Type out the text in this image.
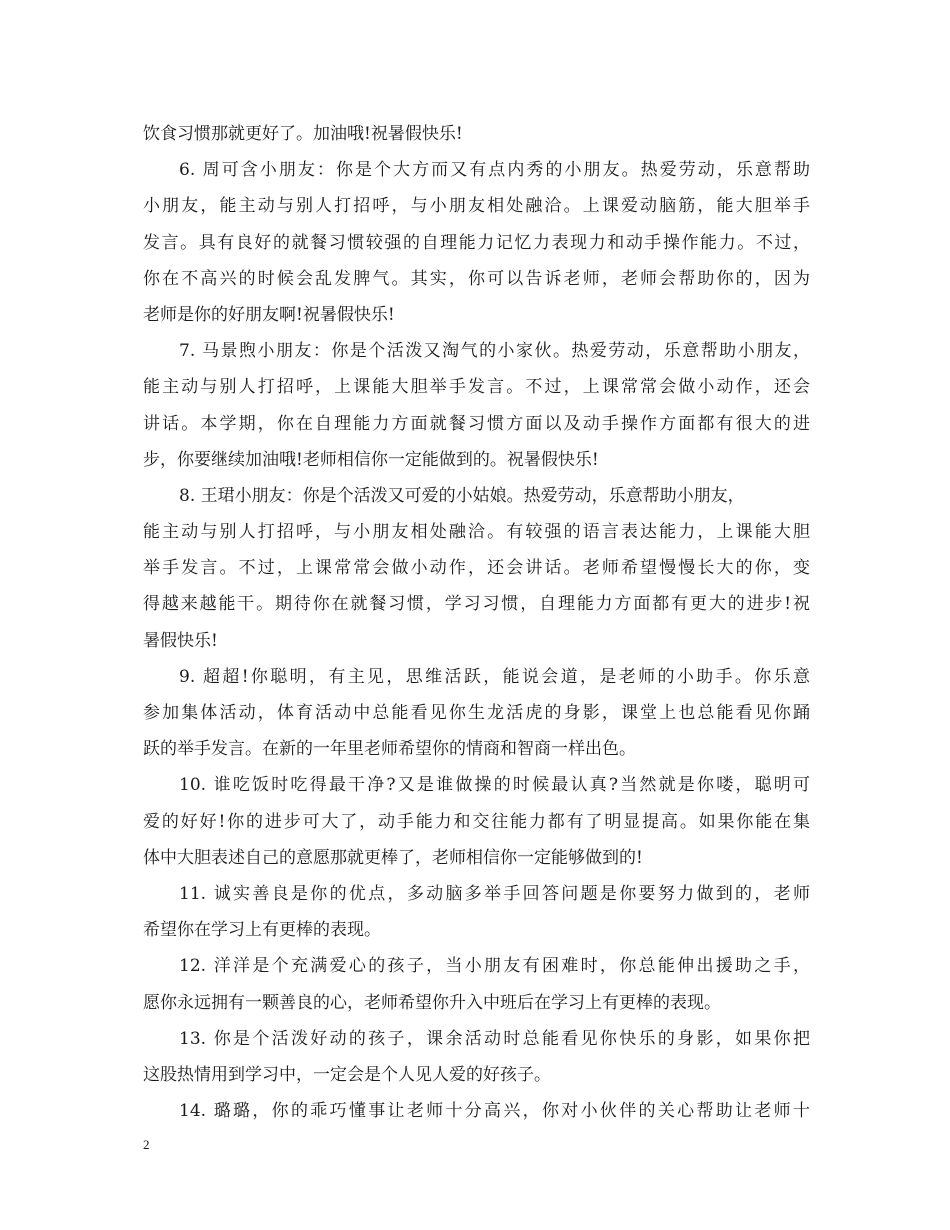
饮食习惯那就更好了。加油哦!祝暑假快乐!
6. 周可含小朋友：你是个大方而又有点内秀的小朋友。热爱劳动，乐意帮助
小朋友，能主动与别人打招呼，与小朋友相处融洽。上课爱动脑筋，能大胆举手
发言。具有良好的就餐习惯较强的自理能力记忆力表现力和动手操作能力。不过，
你在不高兴的时候会乱发脾气。其实，你可以告诉老师，老师会帮助你的，因为
老师是你的好朋友啊!祝暑假快乐!
7. 马景煦小朋友：你是个活泼又淘气的小家伙。热爱劳动，乐意帮助小朋友，
能主动与别人打招呼，上课能大胆举手发言。不过，上课常常会做小动作，还会
讲话。本学期，你在自理能力方面就餐习惯方面以及动手操作方面都有很大的进
步，你要继续加油哦!老师相信你一定能做到的。祝暑假快乐!
8. 王珺小朋友：你是个活泼又可爱的小姑娘。热爱劳动，乐意帮助小朋友，
能主动与别人打招呼，与小朋友相处融洽。有较强的语言表达能力，上课能大胆
举手发言。不过，上课常常会做小动作，还会讲话。老师希望慢慢长大的你，变
得越来越能干。期待你在就餐习惯，学习习惯，自理能力方面都有更大的进步!祝
暑假快乐!
9. 超超!你聪明，有主见，思维活跃，能说会道，是老师的小助手。你乐意
参加集体活动，体育活动中总能看见你生龙活虎的身影，课堂上也总能看见你踊
跃的举手发言。在新的一年里老师希望你的情商和智商一样出色。
10. 谁吃饭时吃得最干净?又是谁做操的时候最认真?当然就是你喽，聪明可
爱的好好!你的进步可大了，动手能力和交往能力都有了明显提高。如果你能在集
体中大胆表述自己的意愿那就更棒了，老师相信你一定能够做到的!
11. 诚实善良是你的优点，多动脑多举手回答问题是你要努力做到的，老师
希望你在学习上有更棒的表现。
12. 洋洋是个充满爱心的孩子，当小朋友有困难时，你总能伸出援助之手，
愿你永远拥有一颗善良的心，老师希望你升入中班后在学习上有更棒的表现。
13. 你是个活泼好动的孩子，课余活动时总能看见你快乐的身影，如果你把
这股热情用到学习中，一定会是个人见人爱的好孩子。
14. 璐璐，你的乖巧懂事让老师十分高兴，你对小伙伴的关心帮助让老师十
2
